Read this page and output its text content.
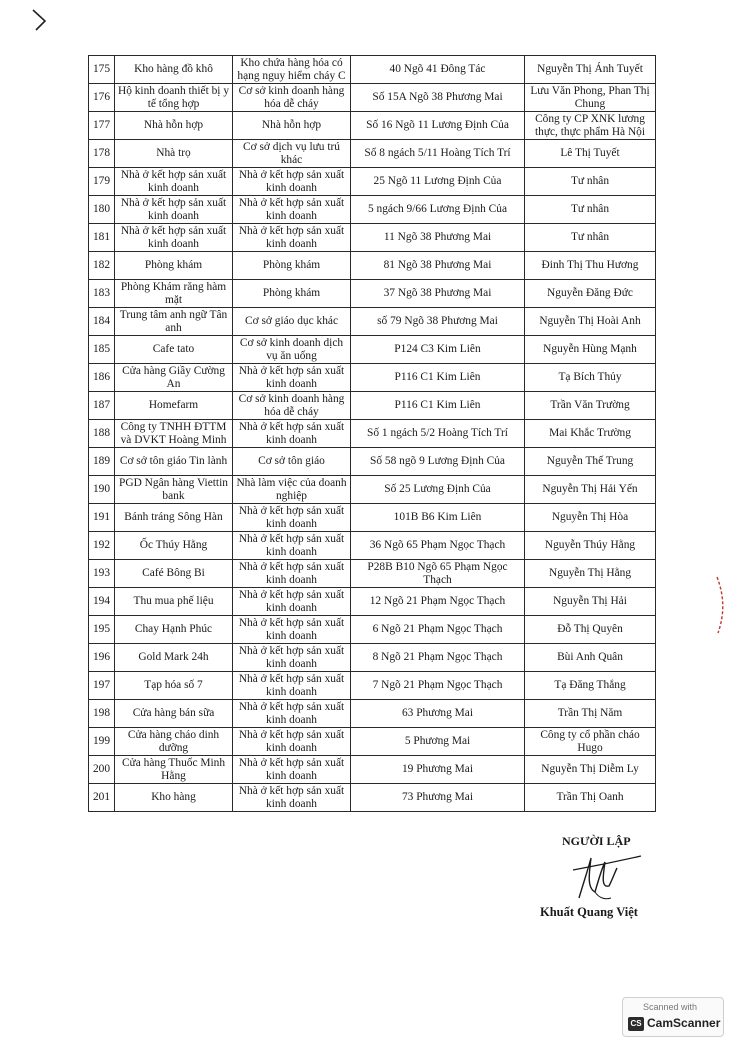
175	Kho hàng đồ khô	Kho chứa hàng hóa có hạng nguy hiểm cháy C	40 Ngõ 41 Đông Tác	Nguyễn Thị Ánh Tuyết
176	Hộ kinh doanh thiết bị y tế tổng hợp	Cơ sở kinh doanh hàng hóa dễ cháy	Số 15A Ngõ 38 Phương Mai	Lưu Văn Phong, Phan Thị Chung
177	Nhà hỗn hợp	Nhà hỗn hợp	Số 16 Ngõ 11 Lương Định Của	Công ty CP XNK lương thực, thực phẩm Hà Nội
178	Nhà trọ	Cơ sở dịch vụ lưu trú khác	Số 8 ngách 5/11 Hoàng Tích Trí	Lê Thị Tuyết
179	Nhà ở kết hợp sản xuất kinh doanh	Nhà ở kết hợp sản xuất kinh doanh	25 Ngõ 11 Lương Định Của	Tư nhân
180	Nhà ở kết hợp sản xuất kinh doanh	Nhà ở kết hợp sản xuất kinh doanh	5 ngách 9/66 Lương Định Của	Tư nhân
181	Nhà ở kết hợp sản xuất kinh doanh	Nhà ở kết hợp sản xuất kinh doanh	11 Ngõ 38 Phương Mai	Tư nhân
182	Phòng khám	Phòng khám	81 Ngõ 38 Phương Mai	Đinh Thị Thu Hương
183	Phòng Khám răng hàm mặt	Phòng khám	37 Ngõ 38 Phương Mai	Nguyễn Đăng Đức
184	Trung tâm anh ngữ Tân anh	Cơ sở giáo dục khác	số 79 Ngõ 38 Phương Mai	Nguyễn Thị Hoài Anh
185	Cafe tato	Cơ sở kinh doanh dịch vụ ăn uống	P124 C3 Kim Liên	Nguyễn Hùng Mạnh
186	Cửa hàng Giầy Cường An	Nhà ở kết hợp sản xuất kinh doanh	P116 C1 Kim Liên	Tạ Bích Thủy
187	Homefarm	Cơ sở kinh doanh hàng hóa dễ cháy	P116 C1 Kim Liên	Trần Văn Trường
188	Công ty TNHH ĐTTM và DVKT Hoàng Minh	Nhà ở kết hợp sản xuất kinh doanh	Số 1 ngách 5/2 Hoàng Tích Trí	Mai Khắc Trường
189	Cơ sở tôn giáo Tin lành	Cơ sở tôn giáo	Số 58 ngõ 9 Lương Định Của	Nguyễn Thế Trung
190	PGD Ngân hàng Viettin bank	Nhà làm việc của doanh nghiệp	Số 25 Lương Định Của	Nguyễn Thị Hải Yến
191	Bánh tráng Sông Hàn	Nhà ở kết hợp sản xuất kinh doanh	101B B6 Kim Liên	Nguyễn Thị Hòa
192	Ốc Thúy Hằng	Nhà ở kết hợp sản xuất kinh doanh	36 Ngõ 65 Phạm Ngọc Thạch	Nguyễn Thúy Hằng
193	Café Bông Bi	Nhà ở kết hợp sản xuất kinh doanh	P28B B10 Ngõ 65 Phạm Ngọc Thạch	Nguyễn Thị Hằng
194	Thu mua phế liệu	Nhà ở kết hợp sản xuất kinh doanh	12 Ngõ 21 Phạm Ngọc Thạch	Nguyễn Thị Hải
195	Chay Hạnh Phúc	Nhà ở kết hợp sản xuất kinh doanh	6 Ngõ 21 Phạm Ngọc Thạch	Đỗ Thị Quyên
196	Gold Mark 24h	Nhà ở kết hợp sản xuất kinh doanh	8 Ngõ 21 Phạm Ngọc Thạch	Bùi Anh Quân
197	Tạp hóa số 7	Nhà ở kết hợp sản xuất kinh doanh	7 Ngõ 21 Phạm Ngọc Thạch	Tạ Đăng Thắng
198	Cửa hàng bán sữa	Nhà ở kết hợp sản xuất kinh doanh	63 Phương Mai	Trần Thị Năm
199	Cửa hàng cháo dinh dưỡng	Nhà ở kết hợp sản xuất kinh doanh	5 Phương Mai	Công ty cổ phần cháo Hugo
200	Cửa hàng Thuốc Minh Hằng	Nhà ở kết hợp sản xuất kinh doanh	19 Phương Mai	Nguyễn Thị Diễm Ly
201	Kho hàng	Nhà ở kết hợp sản xuất kinh doanh	73 Phương Mai	Trần Thị Oanh
NGƯỜI LẬP
Khuất Quang Việt
Scanned with
CS CamScanner
